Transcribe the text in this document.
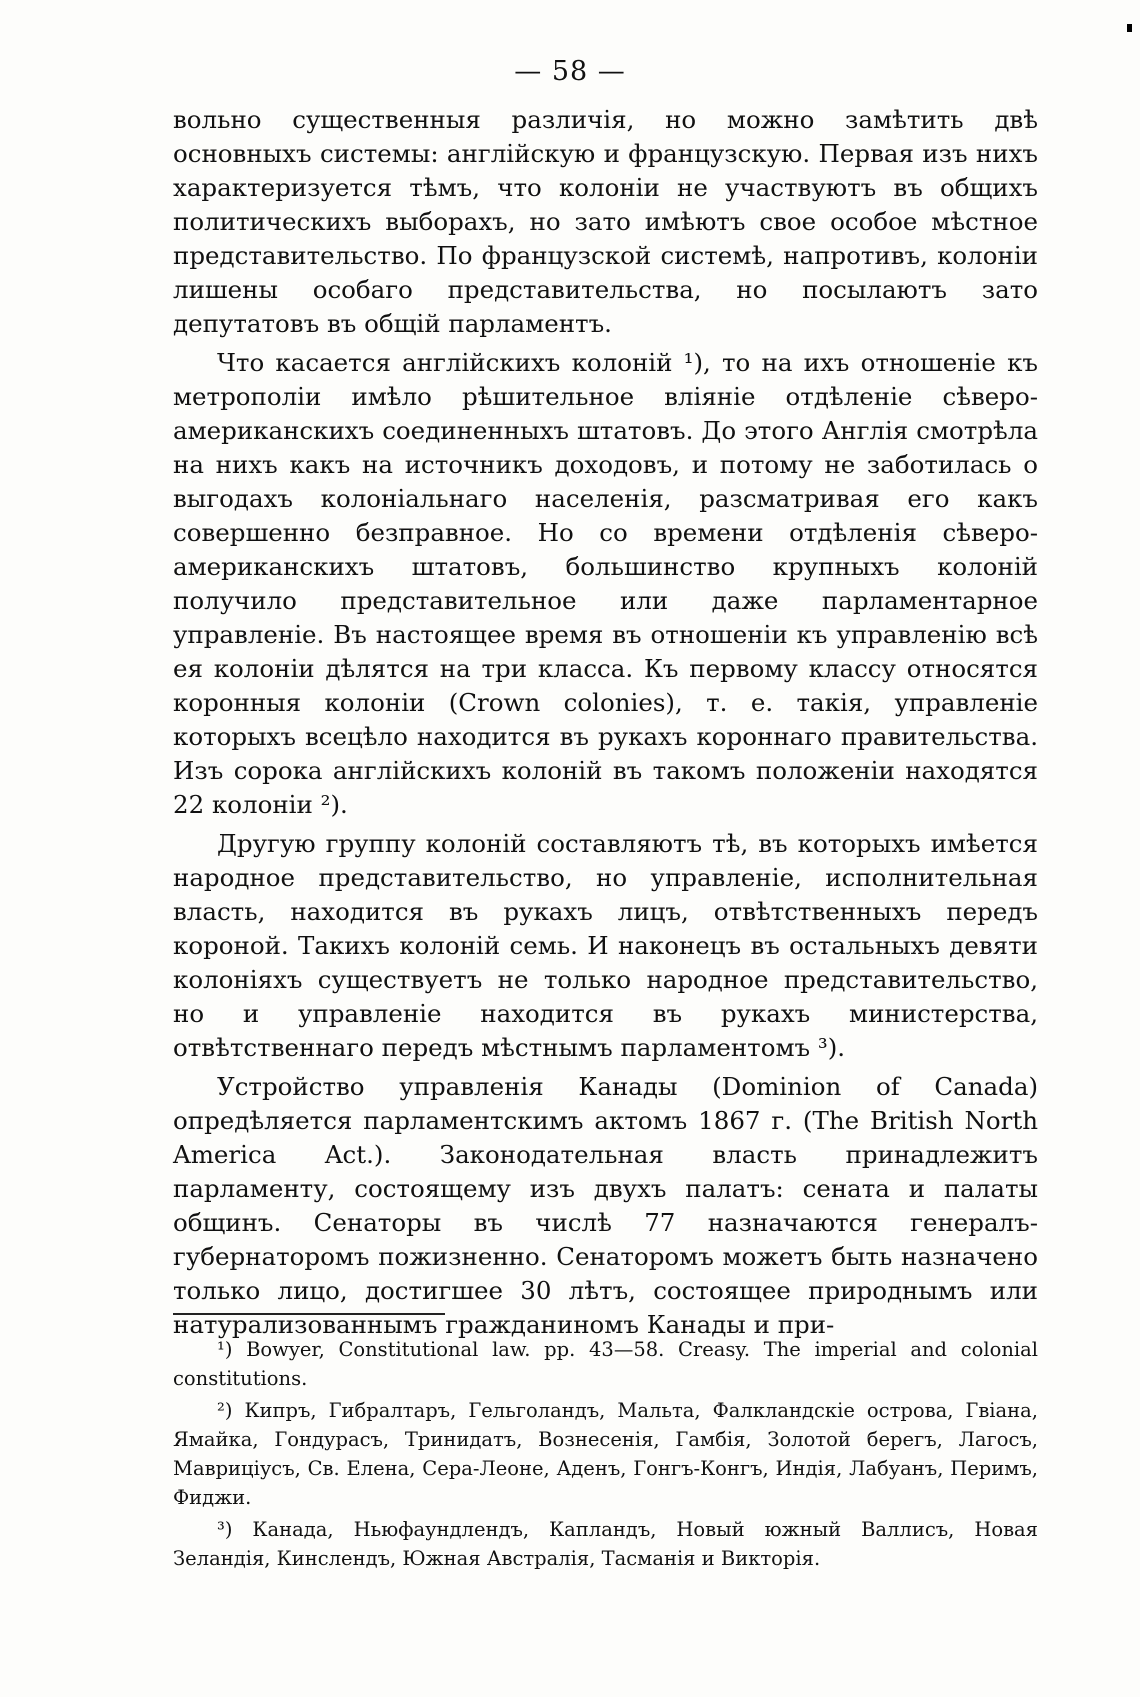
— 58 —

вольно существенныя различія, но можно замѣтить двѣ основныхъ системы: англійскую и французскую. Первая изъ нихъ характеризуется тѣмъ, что колоніи не участвуютъ въ общихъ политическихъ выборахъ, но зато имѣютъ свое особое мѣстное представительство. По французской системѣ, напротивъ, колоніи лишены особаго представительства, но посылаютъ зато депутатовъ въ общій парламентъ.

Что касается англійскихъ колоній ¹), то на ихъ отношеніе къ метрополіи имѣло рѣшительное вліяніе отдѣленіе сѣверо-американскихъ соединенныхъ штатовъ. До этого Англія смотрѣла на нихъ какъ на источникъ доходовъ, и потому не заботилась о выгодахъ колоніальнаго населенія, разсматривая его какъ совершенно безправное. Но со времени отдѣленія сѣверо-американскихъ штатовъ, большинство крупныхъ колоній получило представительное или даже парламентарное управленіе. Въ настоящее время въ отношеніи къ управленію всѣ ея колоніи дѣлятся на три класса. Къ первому классу относятся коронныя колоніи (Crown colonies), т. е. такія, управленіе которыхъ всецѣло находится въ рукахъ короннаго правительства. Изъ сорока англійскихъ колоній въ такомъ положеніи находятся 22 колоніи ²).

Другую группу колоній составляютъ тѣ, въ которыхъ имѣется народное представительство, но управленіе, исполнительная власть, находится въ рукахъ лицъ, отвѣтственныхъ передъ короной. Такихъ колоній семь. И наконецъ въ остальныхъ девяти колоніяхъ существуетъ не только народное представительство, но и управленіе находится въ рукахъ министерства, отвѣтственнаго передъ мѣстнымъ парламентомъ ³).

Устройство управленія Канады (Dominion of Canada) опредѣляется парламентскимъ актомъ 1867 г. (The British North America Act.). Законодательная власть принадлежитъ парламенту, состоящему изъ двухъ палатъ: сената и палаты общинъ. Сенаторы въ числѣ 77 назначаются генералъ-губернаторомъ пожизненно. Сенаторомъ можетъ быть назначено только лицо, достигшее 30 лѣтъ, состоящее природнымъ или натурализованнымъ гражданиномъ Канады и при-

¹) Bowyer, Constitutional law. pp. 43—58. Creasy. The imperial and colonial constitutions.

²) Кипръ, Гибралтаръ, Гельголандъ, Мальта, Фалкландскіе острова, Гвіана, Ямайка, Гондурасъ, Тринидатъ, Вознесенія, Гамбія, Золотой берегъ, Лагосъ, Мавриціусъ, Св. Елена, Сера-Леоне, Аденъ, Гонгъ-Конгъ, Индія, Лабуанъ, Перимъ, Фиджи.

³) Канада, Ньюфаундлендъ, Капландъ, Новый южный Валлисъ, Новая Зеландія, Кинслендъ, Южная Австралія, Тасманія и Викторія.
